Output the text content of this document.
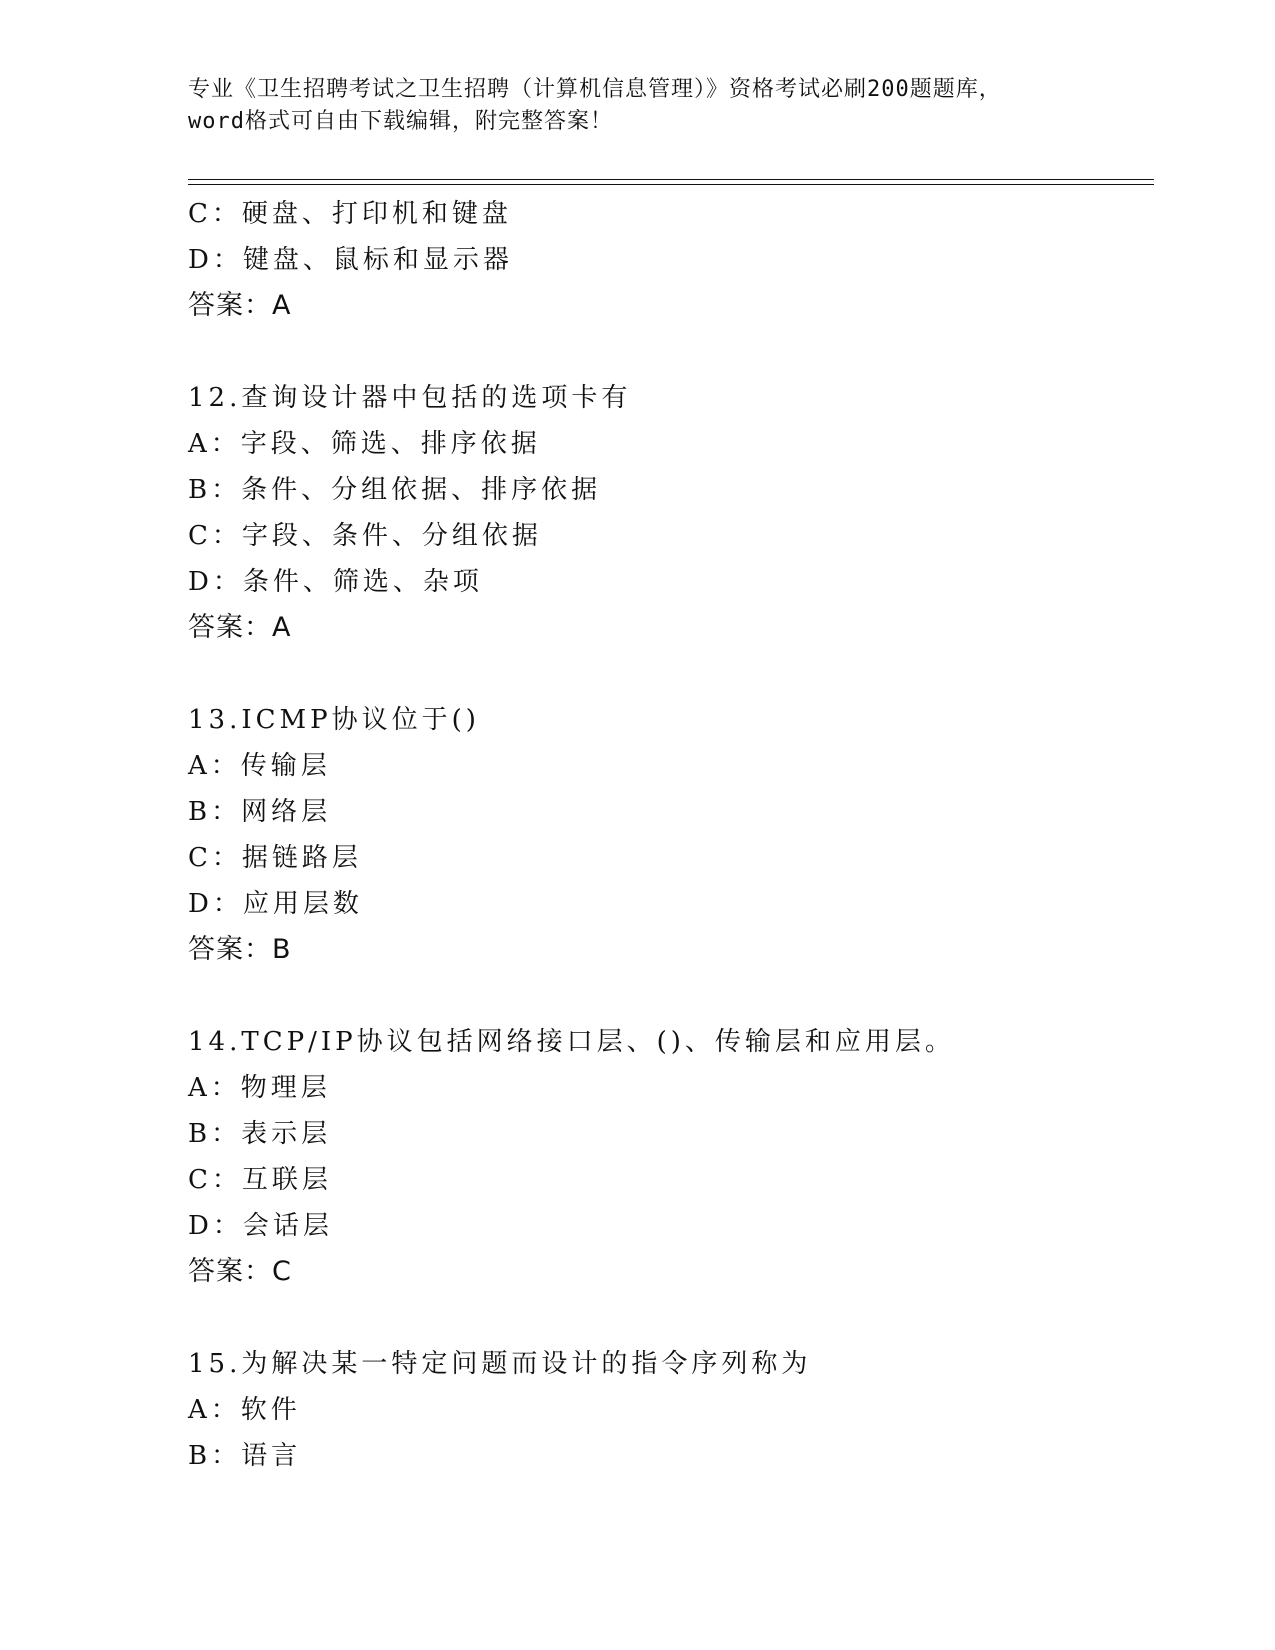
专业《卫生招聘考试之卫生招聘（计算机信息管理）》资格考试必刷200题题库，
word格式可自由下载编辑，附完整答案！
C：硬盘、打印机和键盘
D：键盘、鼠标和显示器
答案：A
12.查询设计器中包括的选项卡有
A：字段、筛选、排序依据
B：条件、分组依据、排序依据
C：字段、条件、分组依据
D：条件、筛选、杂项
答案：A
13.ICMP协议位于()
A：传输层
B：网络层
C：据链路层
D：应用层数
答案：B
14.TCP/IP协议包括网络接口层、()、传输层和应用层。
A：物理层
B：表示层
C：互联层
D：会话层
答案：C
15.为解决某一特定问题而设计的指令序列称为
A：软件
B：语言
